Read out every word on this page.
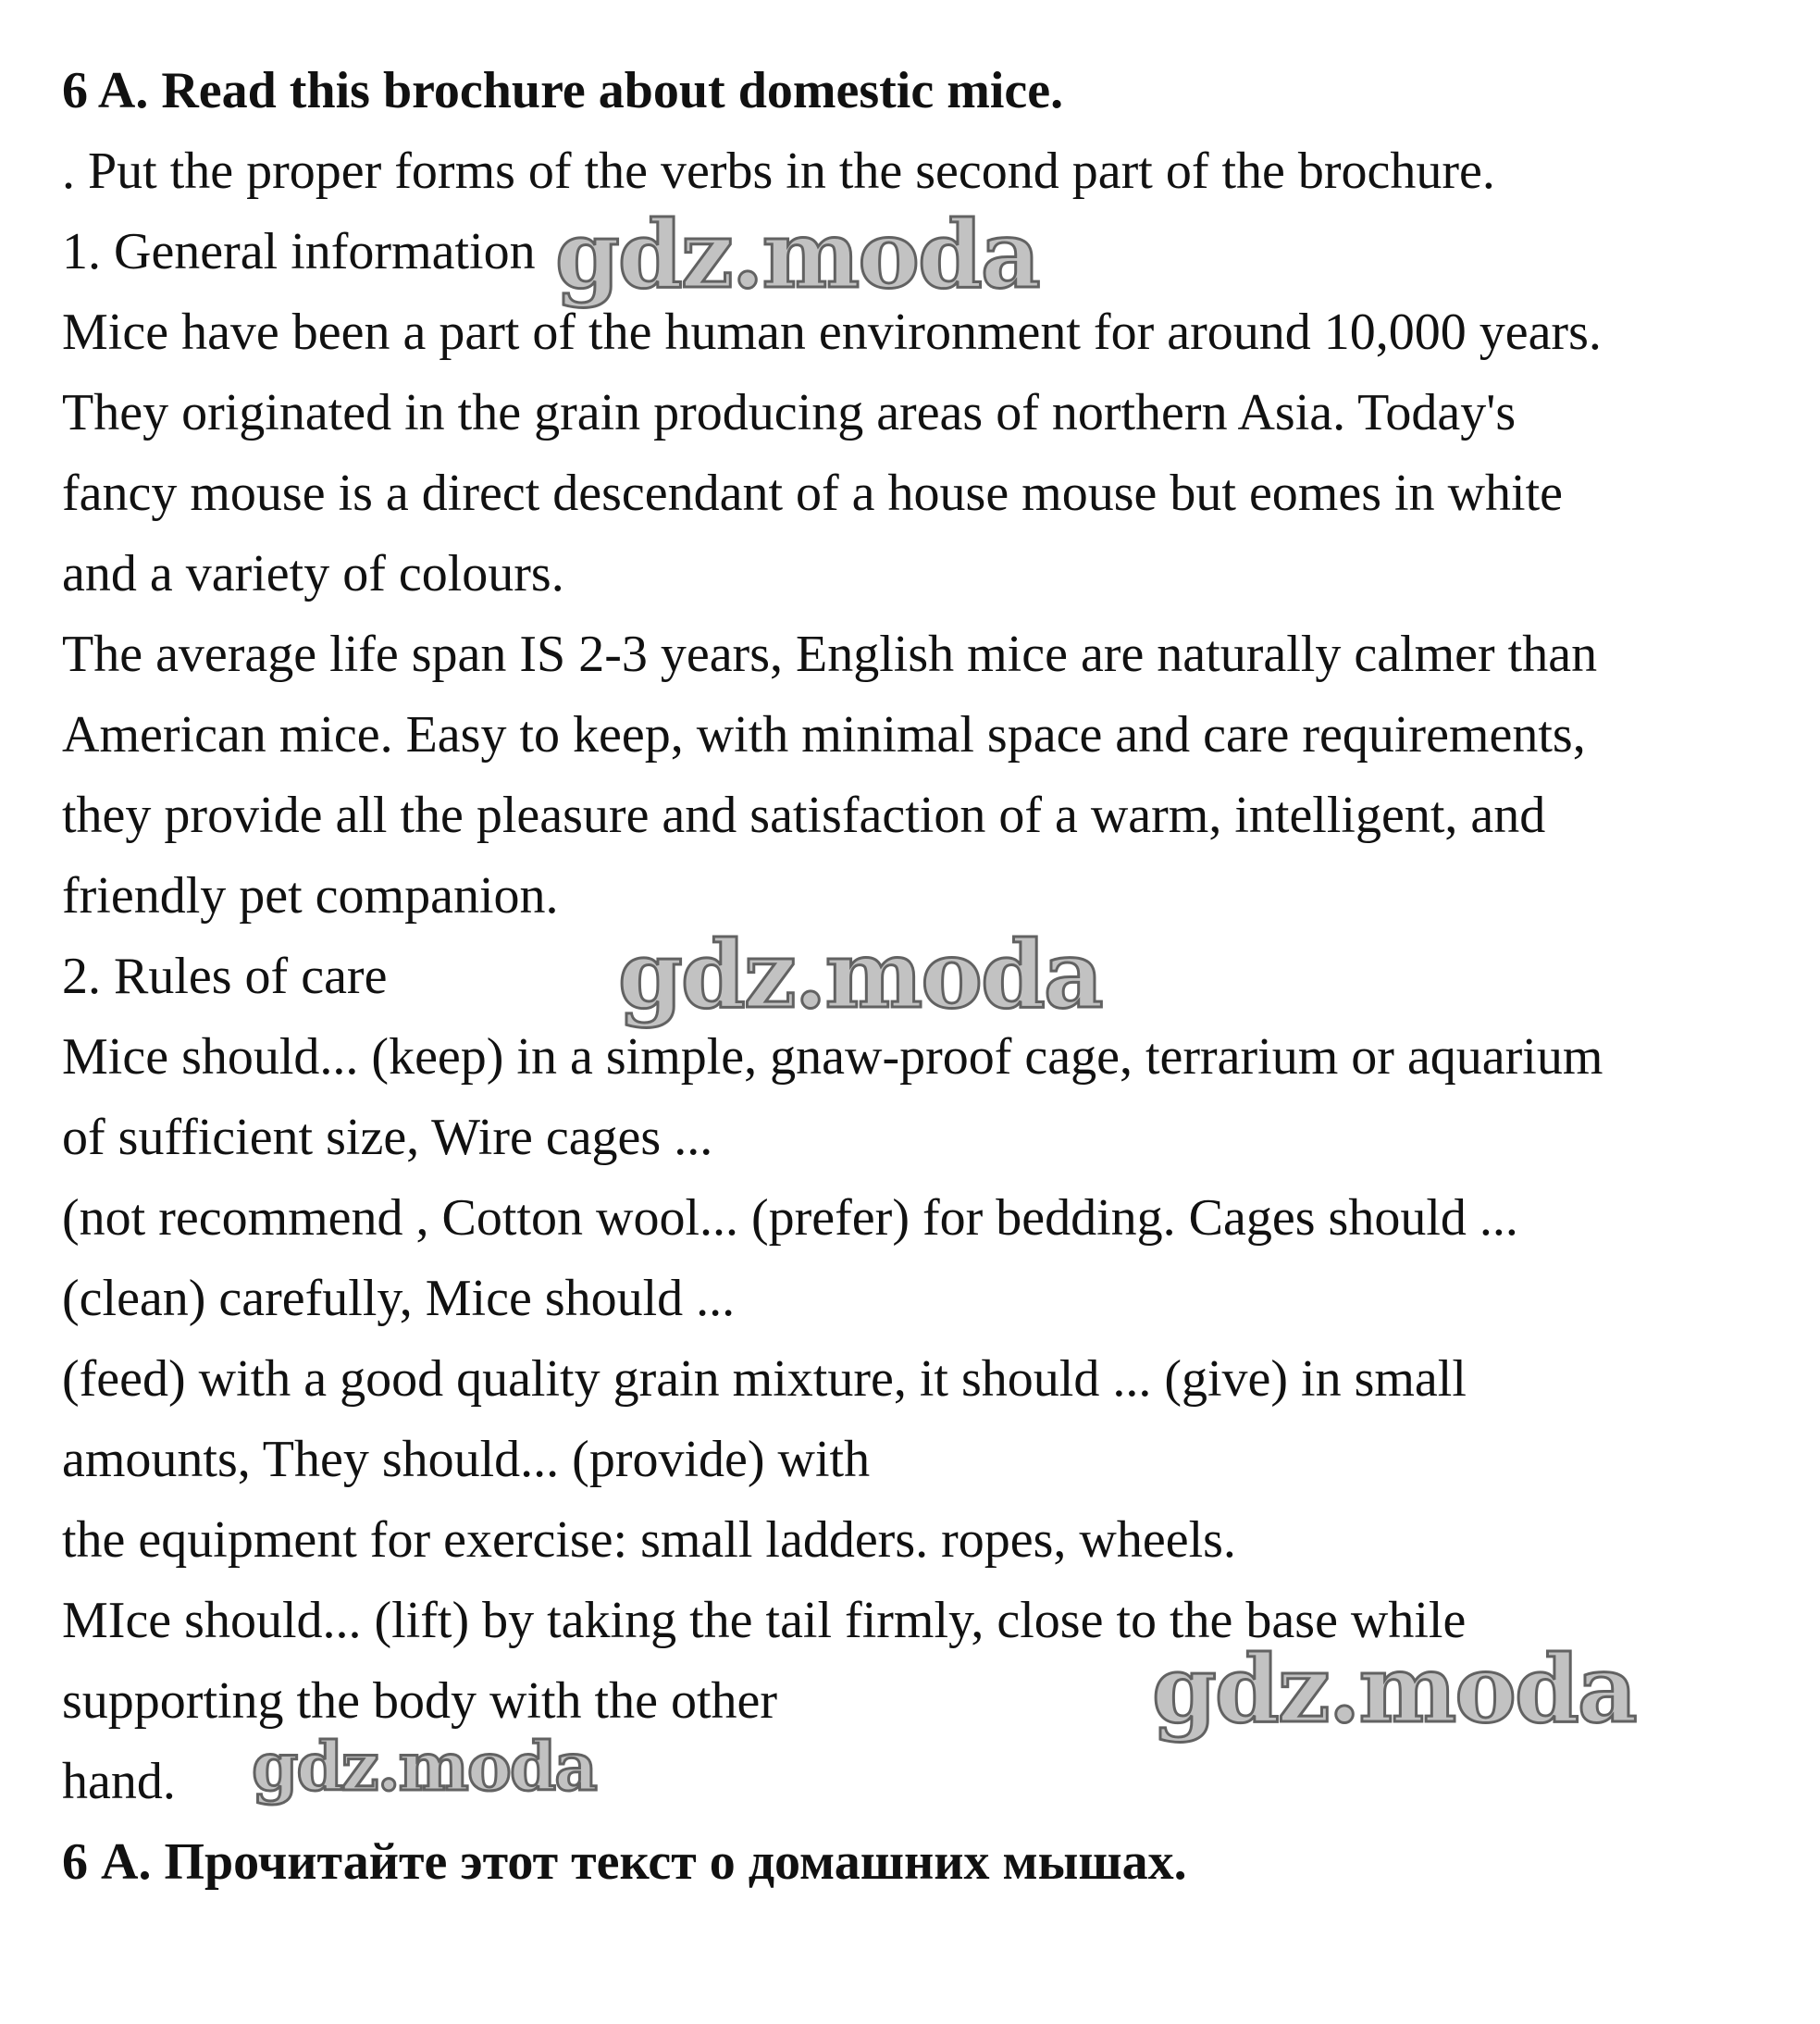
6 A. Read this brochure about domestic mice.
. Put the proper forms of the verbs in the second part of the brochure.
1. General information
Mice have been a part of the human environment for around 10,000 years.
They originated in the grain producing areas of northern Asia. Today's
fancy mouse is a direct descendant of a house mouse but eomes in white
and a variety of colours.
The average life span IS 2-3 years, English mice are naturally calmer than
American mice. Easy to keep, with minimal space and care requirements,
they provide all the pleasure and satisfaction of a warm, intelligent, and
friendly pet companion.
2. Rules of care
Mice should... (keep) in a simple, gnaw-proof cage, terrarium or aquarium
of sufficient size, Wire cages ...
(not recommend , Cotton wool... (prefer) for bedding. Cages should ...
(clean) carefully, Mice should ...
(feed) with a good quality grain mixture, it should ... (give) in small
amounts, They should... (provide) with
the equipment for exercise: small ladders. ropes, wheels.
MIce should... (lift) by taking the tail firmly, close to the base while
supporting the body with the other
hand.
6 А. Прочитайте этот текст о домашних мышах.
gdz.moda
gdz.moda
gdz.moda
gdz.moda
